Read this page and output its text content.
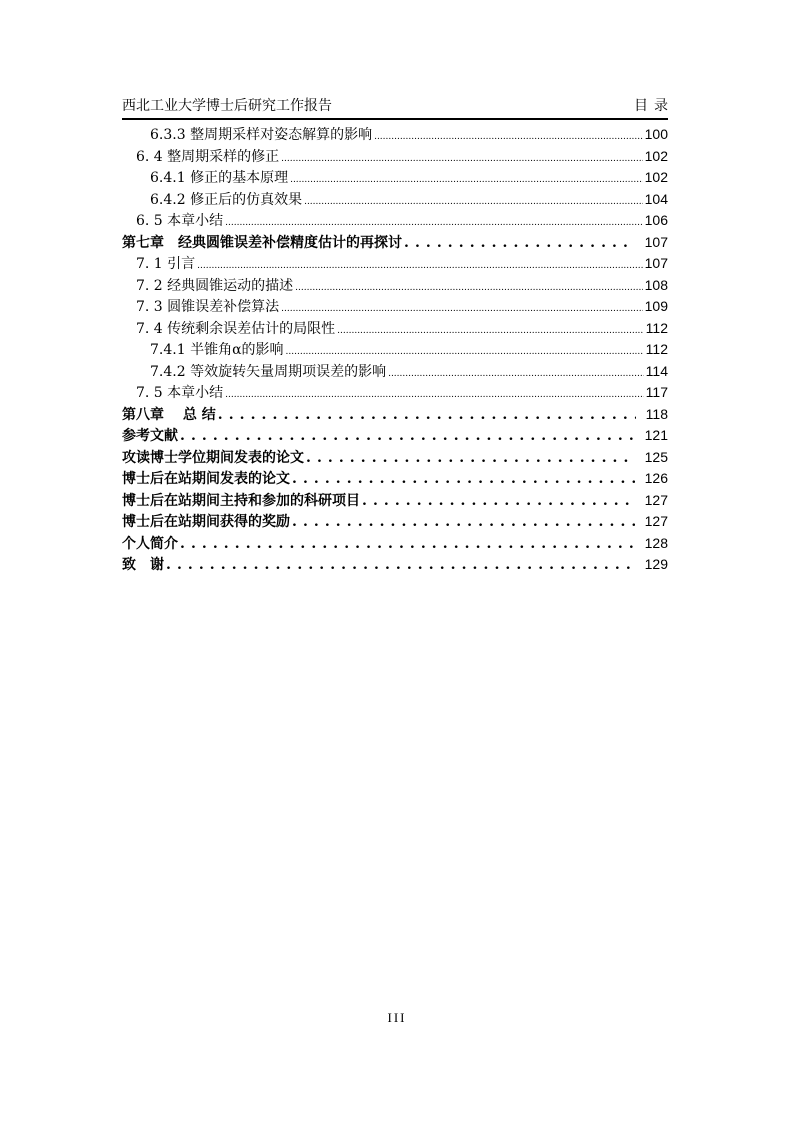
西北工业大学博士后研究工作报告	目录
6.3.3 整周期采样对姿态解算的影响 .....	100
6. 4 整周期采样的修正 .....	102
6.4.1 修正的基本原理 .....	102
6.4.2 修正后的仿真效果 .....	104
6. 5 本章小结 .....	106
第七章　经典圆锥误差补偿精度估计的再探讨 . . .	107
7. 1 引言 .....	107
7. 2 经典圆锥运动的描述 .....	108
7. 3 圆锥误差补偿算法 .....	109
7. 4 传统剩余误差估计的局限性 .....	112
7.4.1 半锥角α的影响 .....	112
7.4.2 等效旋转矢量周期项误差的影响 .....	114
7. 5 本章小结 .....	117
第八章　 总 结 . . .	118
参考文献 . . .	121
攻读博士学位期间发表的论文 . . .	125
博士后在站期间发表的论文 . . .	126
博士后在站期间主持和参加的科研项目 . . .	127
博士后在站期间获得的奖励 . . .	127
个人简介 . . .	128
致　谢 . . .	129
III
